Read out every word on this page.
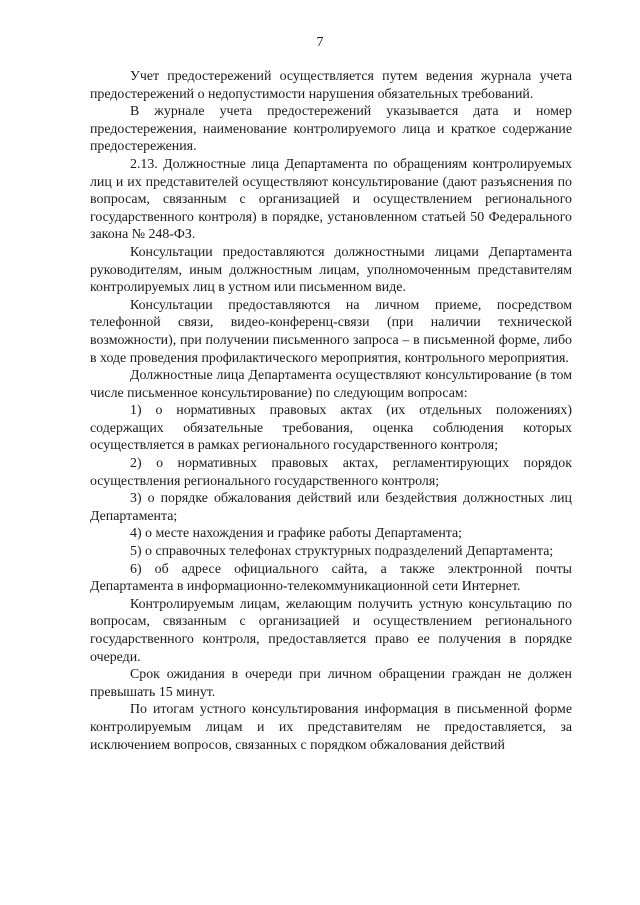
7

Учет предостережений осуществляется путем ведения журнала учета предостережений о недопустимости нарушения обязательных требований.

В журнале учета предостережений указывается дата и номер предостережения, наименование контролируемого лица и краткое содержание предостережения.

2.13. Должностные лица Департамента по обращениям контролируемых лиц и их представителей осуществляют консультирование (дают разъяснения по вопросам, связанным с организацией и осуществлением регионального государственного контроля) в порядке, установленном статьей 50 Федерального закона № 248-ФЗ.

Консультации предоставляются должностными лицами Департамента руководителям, иным должностным лицам, уполномоченным представителям контролируемых лиц в устном или письменном виде.

Консультации предоставляются на личном приеме, посредством телефонной связи, видео-конференц-связи (при наличии технической возможности), при получении письменного запроса – в письменной форме, либо в ходе проведения профилактического мероприятия, контрольного мероприятия.

Должностные лица Департамента осуществляют консультирование (в том числе письменное консультирование) по следующим вопросам:

1) о нормативных правовых актах (их отдельных положениях) содержащих обязательные требования, оценка соблюдения которых осуществляется в рамках регионального государственного контроля;

2) о нормативных правовых актах, регламентирующих порядок осуществления регионального государственного контроля;

3) о порядке обжалования действий или бездействия должностных лиц Департамента;

4) о месте нахождения и графике работы Департамента;

5) о справочных телефонах структурных подразделений Департамента;

6) об адресе официального сайта, а также электронной почты Департамента в информационно-телекоммуникационной сети Интернет.

Контролируемым лицам, желающим получить устную консультацию по вопросам, связанным с организацией и осуществлением регионального государственного контроля, предоставляется право ее получения в порядке очереди.

Срок ожидания в очереди при личном обращении граждан не должен превышать 15 минут.

По итогам устного консультирования информация в письменной форме контролируемым лицам и их представителям не предоставляется, за исключением вопросов, связанных с порядком обжалования действий
